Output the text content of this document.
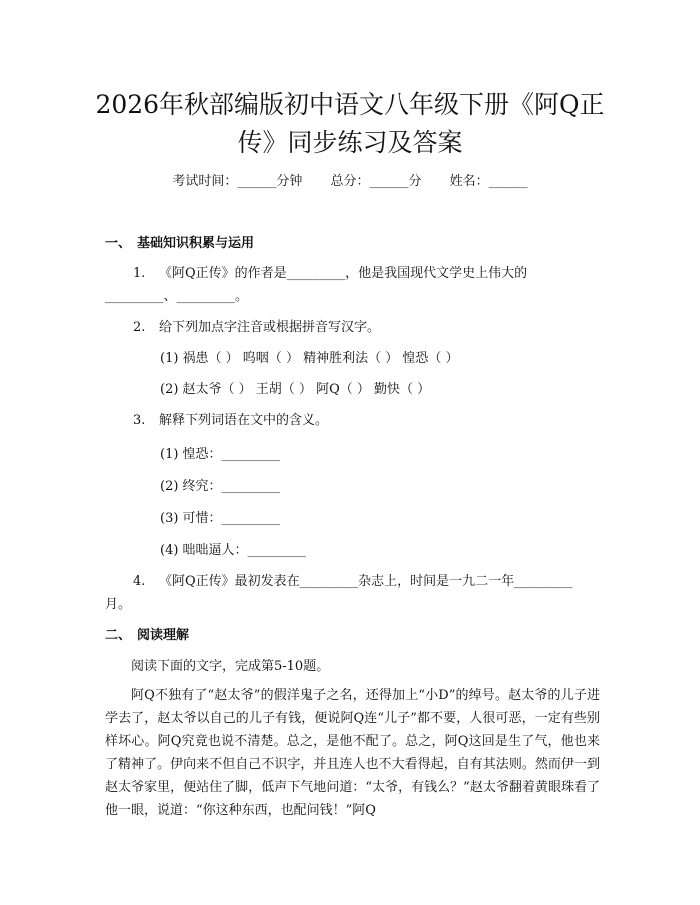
2026年秋部编版初中语文八年级下册《阿Q正传》同步练习及答案
考试时间：______分钟 总分：______分 姓名：______
一、 基础知识积累与运用
1. 《阿Q正传》的作者是_________，他是我国现代文学史上伟大的
_________、_________。
2. 给下列加点字注音或根据拼音写汉字。
(1) 祸患（ ） 呜咽（ ） 精神胜利法（ ） 惶恐（ ）
(2) 赵太爷（ ） 王胡（ ） 阿Q（ ） 勤快（ ）
3. 解释下列词语在文中的含义。
(1) 惶恐：_________
(2) 终究：_________
(3) 可惜：_________
(4) 咄咄逼人：_________
4. 《阿Q正传》最初发表在_________杂志上，时间是一九二一年_________
月。
二、 阅读理解
阅读下面的文字，完成第5-10题。
阿Q不独有了“赵太爷”的假洋鬼子之名，还得加上“小D”的绰号。赵太爷的儿子进学去了，赵太爷以自己的儿子有钱，便说阿Q连“儿子”都不要，人很可恶，一定有些别样坏心。阿Q究竟也说不清楚。总之，是他不配了。总之，阿Q这回是生了气，他也来了精神了。伊向来不但自己不识字，并且连人也不大看得起，自有其法则。然而伊一到赵太爷家里，便站住了脚，低声下气地问道：“太爷，有钱么？”赵太爷翻着黄眼珠看了他一眼，说道：“你这种东西，也配问钱！”阿Q
